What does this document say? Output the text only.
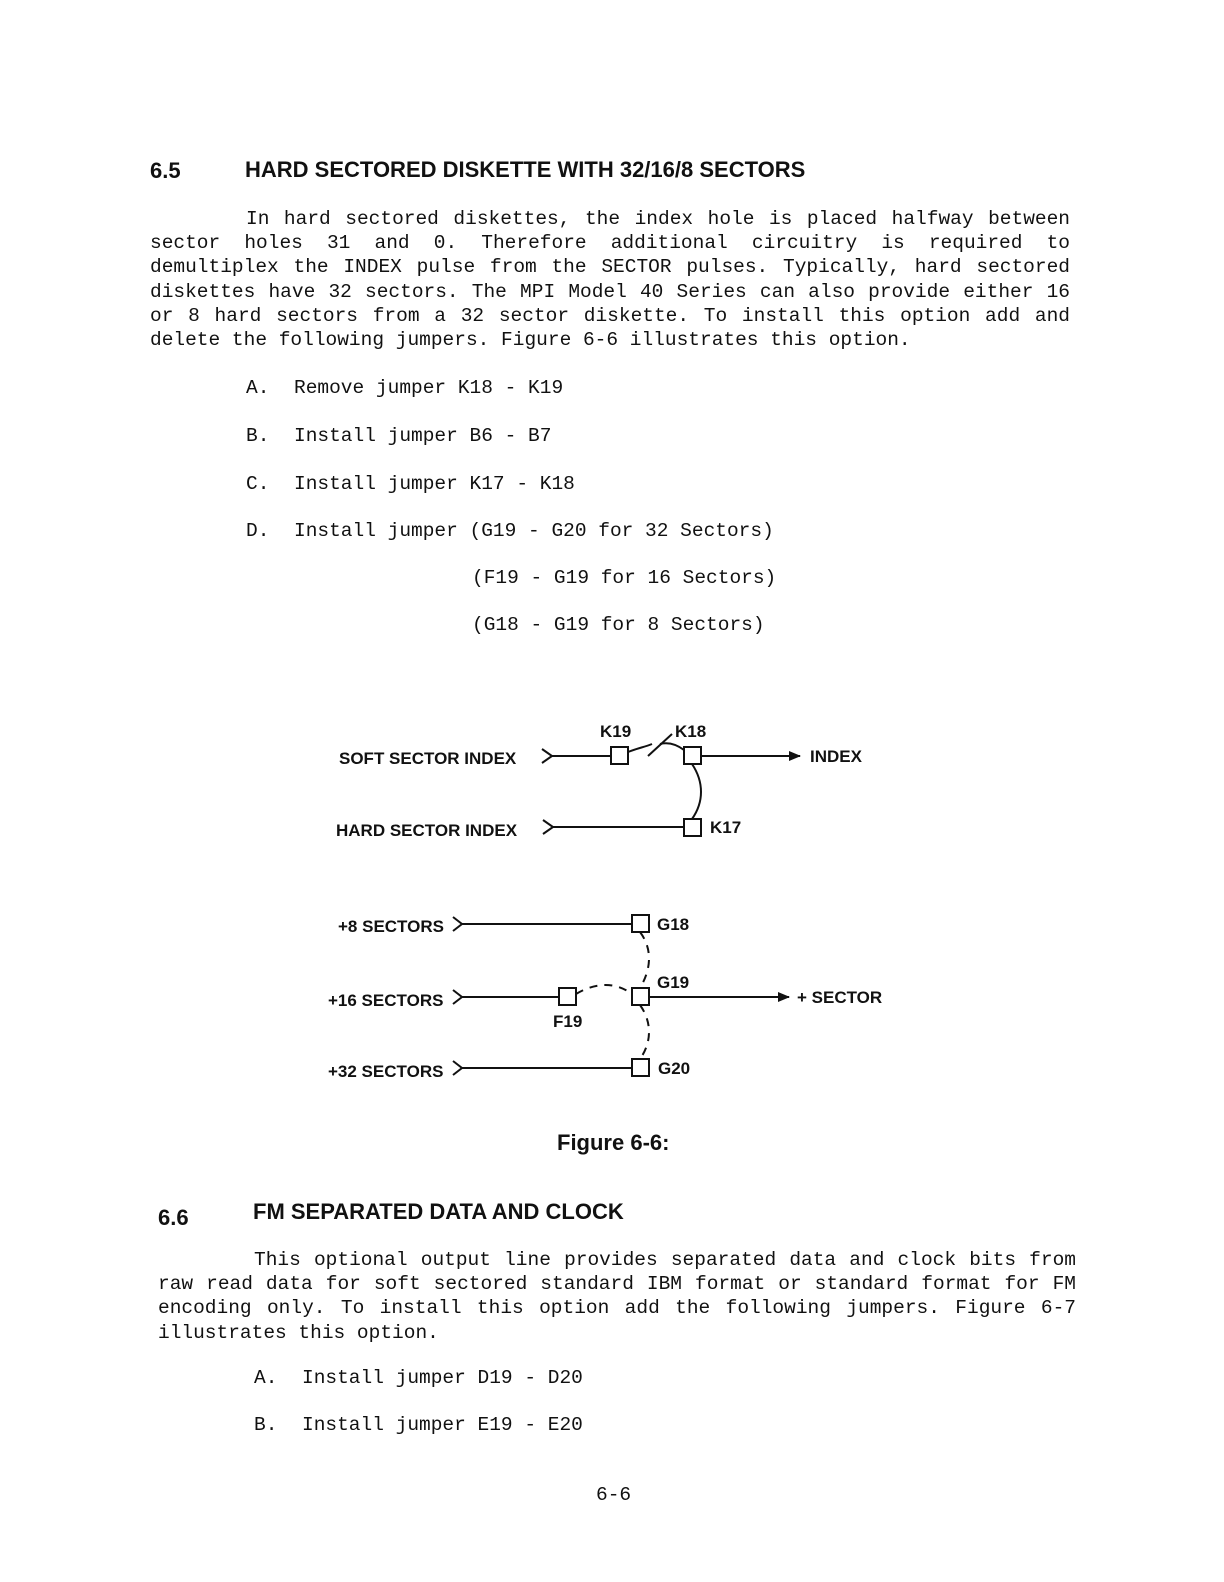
6.5	HARD SECTORED DISKETTE WITH 32/16/8 SECTORS
In hard sectored diskettes, the index hole is placed halfway between sector holes 31 and 0. Therefore additional circuitry is required to demultiplex the INDEX pulse from the SECTOR pulses. Typically, hard sectored diskettes have 32 sectors. The MPI Model 40 Series can also provide either 16 or 8 hard sectors from a 32 sector diskette. To install this option add and delete the following jumpers. Figure 6-6 illustrates this option.
A. Remove jumper K18 - K19
B. Install jumper B6 - B7
C. Install jumper K17 - K18
D. Install jumper (G19 - G20 for 32 Sectors)
(F19 - G19 for 16 Sectors)
(G18 - G19 for 8 Sectors)
SOFT SECTOR INDEX
K19	K18
INDEX
HARD SECTOR INDEX	K17
+8 SECTORS	G18
+16 SECTORS
F19
G19
+ SECTOR
+32 SECTORS	G20
Figure 6-6:
6.6	FM SEPARATED DATA AND CLOCK
This optional output line provides separated data and clock bits from raw read data for soft sectored standard IBM format or standard format for FM encoding only. To install this option add the following jumpers. Figure 6-7 illustrates this option.
A. Install jumper D19 - D20
B. Install jumper E19 - E20
6-6
